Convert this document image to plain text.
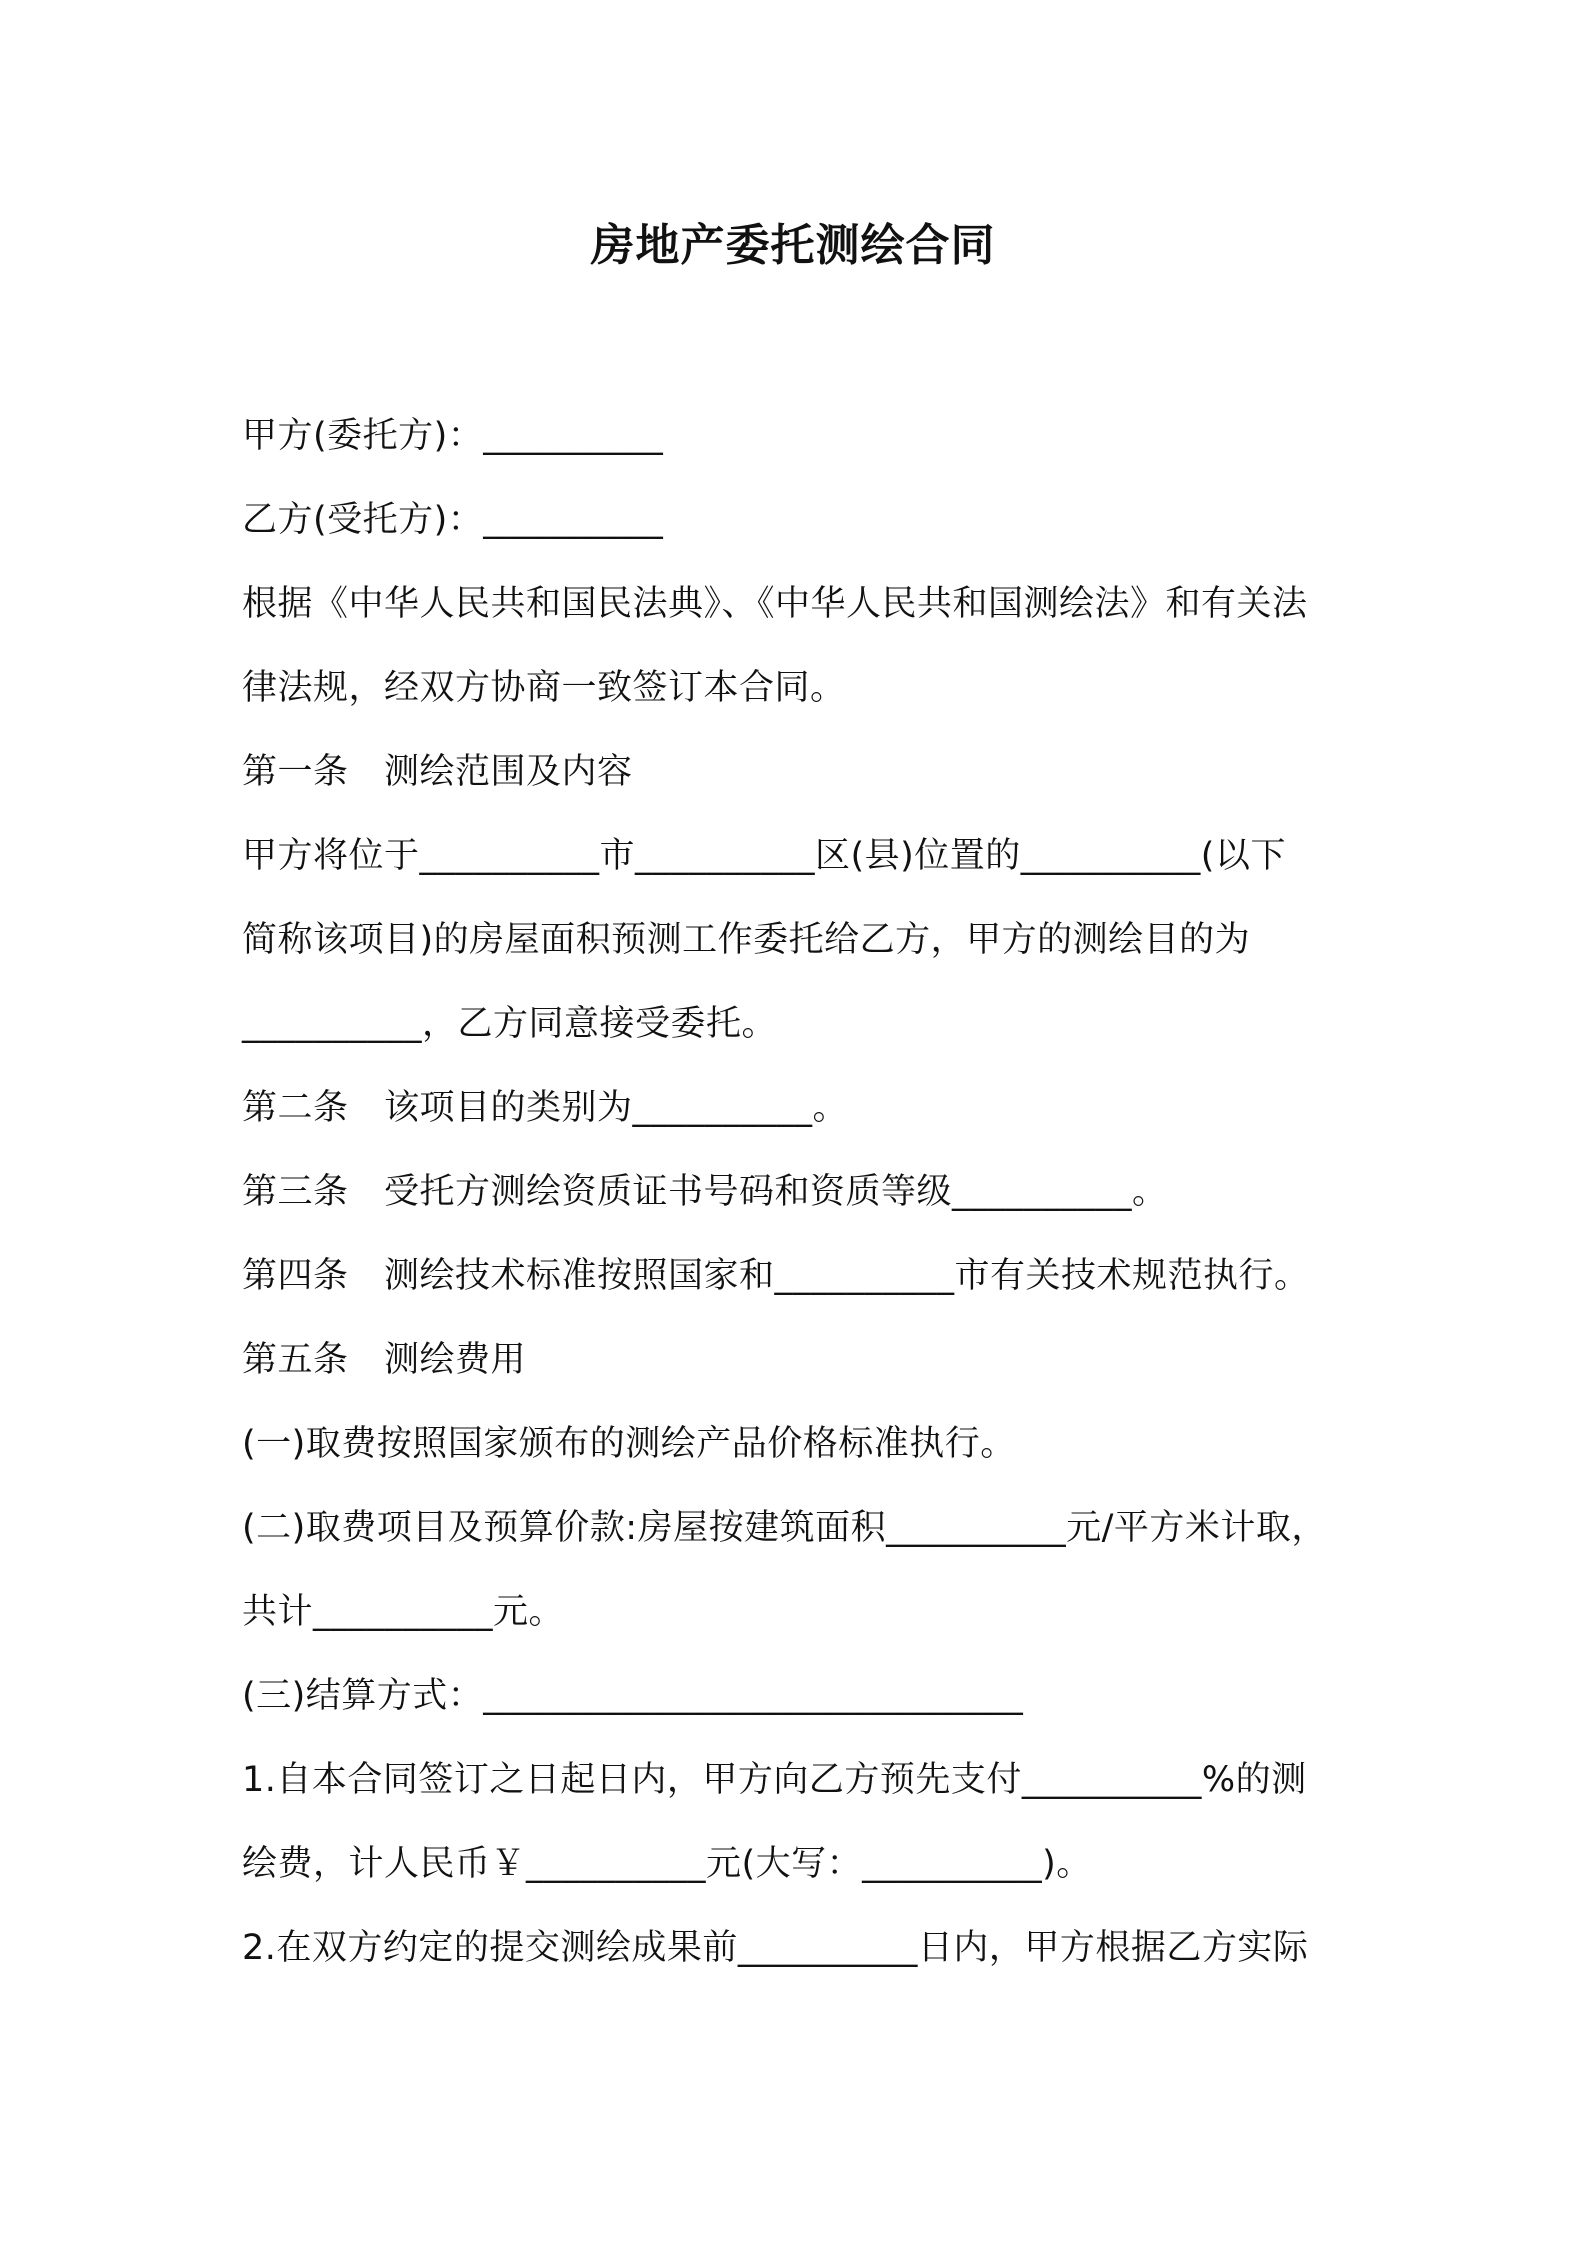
房地产委托测绘合同
甲方(委托方)：__________
乙方(受托方)：__________
根据《中华人民共和国民法典》、《中华人民共和国测绘法》和有关法
律法规，经双方协商一致签订本合同。
第一条　测绘范围及内容
甲方将位于__________市__________区(县)位置的__________(以下
简称该项目)的房屋面积预测工作委托给乙方，甲方的测绘目的为
__________，乙方同意接受委托。
第二条　该项目的类别为__________。
第三条　受托方测绘资质证书号码和资质等级__________。
第四条　测绘技术标准按照国家和__________市有关技术规范执行。
第五条　测绘费用
(一)取费按照国家颁布的测绘产品价格标准执行。
(二)取费项目及预算价款:房屋按建筑面积__________元/平方米计取，
共计__________元。
(三)结算方式：______________________________
1.自本合同签订之日起日内，甲方向乙方预先支付__________%的测
绘费，计人民币￥__________元(大写：__________)。
2.在双方约定的提交测绘成果前__________日内，甲方根据乙方实际
